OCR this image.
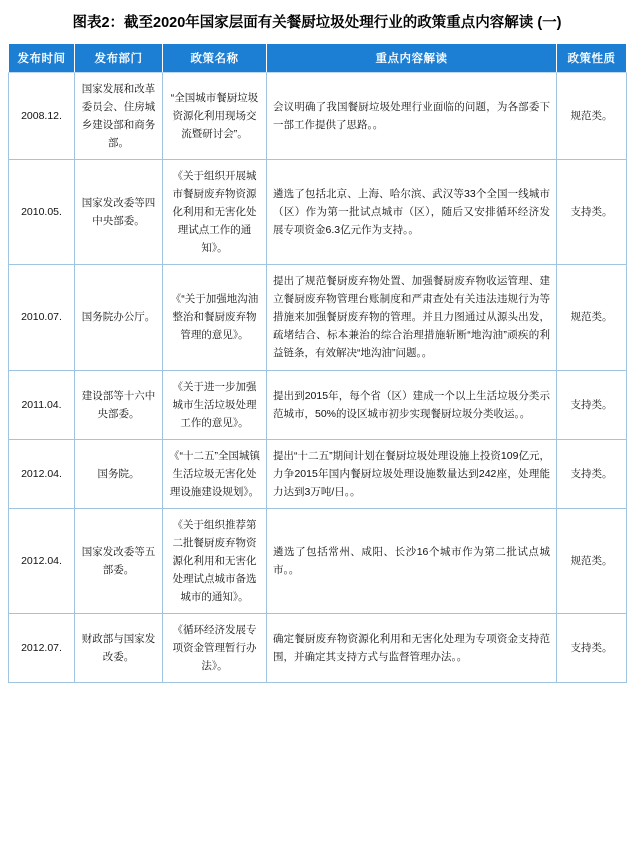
图表2：截至2020年国家层面有关餐厨垃圾处理行业的政策重点内容解读 (一)
发布时间	发布部门	政策名称	重点内容解读	政策性质
2008.12.	国家发展和改革委员会、住房城乡建设部和商务部。	“全国城市餐厨垃圾资源化利用现场交流暨研讨会”。	会议明确了我国餐厨垃圾处理行业面临的问题，为各部委下一部工作提供了思路。。	规范类。
2010.05.	国家发改委等四中央部委。	《关于组织开展城市餐厨废弃物资源化利用和无害化处理试点工作的通知》。	遴选了包括北京、上海、哈尔滨、武汉等33个全国一线城市（区）作为第一批试点城市（区），随后又安排循环经济发展专项资金6.3亿元作为支持。。	支持类。
2010.07.	国务院办公厅。	《“关于加强地沟油整治和餐厨废弃物管理的意见》。	提出了规范餐厨废弃物处置、加强餐厨废弃物收运管理、建立餐厨废弃物管理台账制度和严肃查处有关违法违规行为等措施来加强餐厨废弃物的管理。并且力图通过从源头出发，疏堵结合、标本兼治的综合治理措施斩断“地沟油”顽疾的利益链条，有效解决“地沟油”问题。。	规范类。
2011.04.	建设部等十六中央部委。	《关于进一步加强城市生活垃圾处理工作的意见》。	提出到2015年，每个省（区）建成一个以上生活垃圾分类示范城市，50%的设区城市初步实现餐厨垃圾分类收运。。	支持类。
2012.04.	国务院。	《“十二五”全国城镇生活垃圾无害化处理设施建设规划》。	提出“十二五”期间计划在餐厨垃圾处理设施上投资109亿元，力争2015年国内餐厨垃圾处理设施数量达到242座，处理能力达到3万吨/日。。	支持类。
2012.04.	国家发改委等五部委。	《关于组织推荐第二批餐厨废弃物资源化利用和无害化处理试点城市备选城市的通知》。	遴选了包括常州、咸阳、长沙16个城市作为第二批试点城市。。	规范类。
2012.07.	财政部与国家发改委。	《循环经济发展专项资金管理暂行办法》。	确定餐厨废弃物资源化利用和无害化处理为专项资金支持范围，并确定其支持方式与监督管理办法。。	支持类。
